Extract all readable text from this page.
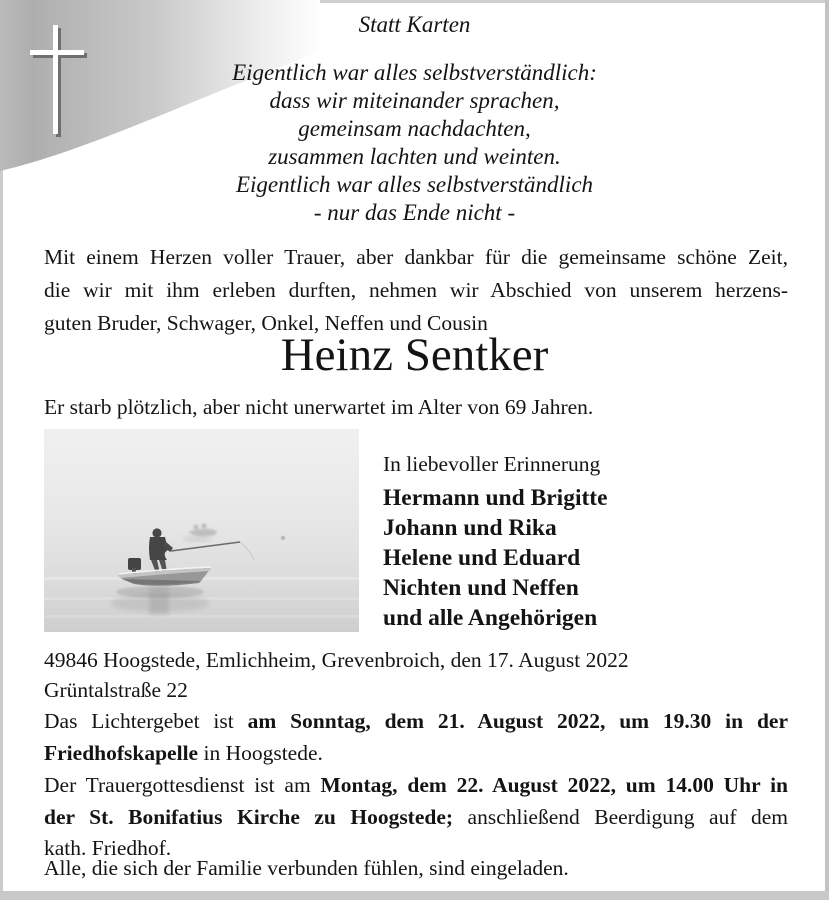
Statt Karten
Eigentlich war alles selbstverständlich:
dass wir miteinander sprachen,
gemeinsam nachdachten,
zusammen lachten und weinten.
Eigentlich war alles selbstverständlich
- nur das Ende nicht -
Mit einem Herzen voller Trauer, aber dankbar für die gemeinsame schöne Zeit,
die wir mit ihm erleben durften, nehmen wir Abschied von unserem herzens-
guten Bruder, Schwager, Onkel, Neffen und Cousin
Heinz Sentker
Er starb plötzlich, aber nicht unerwartet im Alter von 69 Jahren.
In liebevoller Erinnerung
Hermann und Brigitte
Johann und Rika
Helene und Eduard
Nichten und Neffen
und alle Angehörigen
49846 Hoogstede, Emlichheim, Grevenbroich, den 17. August 2022
Grüntalstraße 22
Das Lichtergebet ist am Sonntag, dem 21. August 2022, um 19.30 in der
Friedhofskapelle in Hoogstede.
Der Trauergottesdienst ist am Montag, dem 22. August 2022, um 14.00 Uhr in
der St. Bonifatius Kirche zu Hoogstede; anschließend Beerdigung auf dem
kath. Friedhof.
Alle, die sich der Familie verbunden fühlen, sind eingeladen.
